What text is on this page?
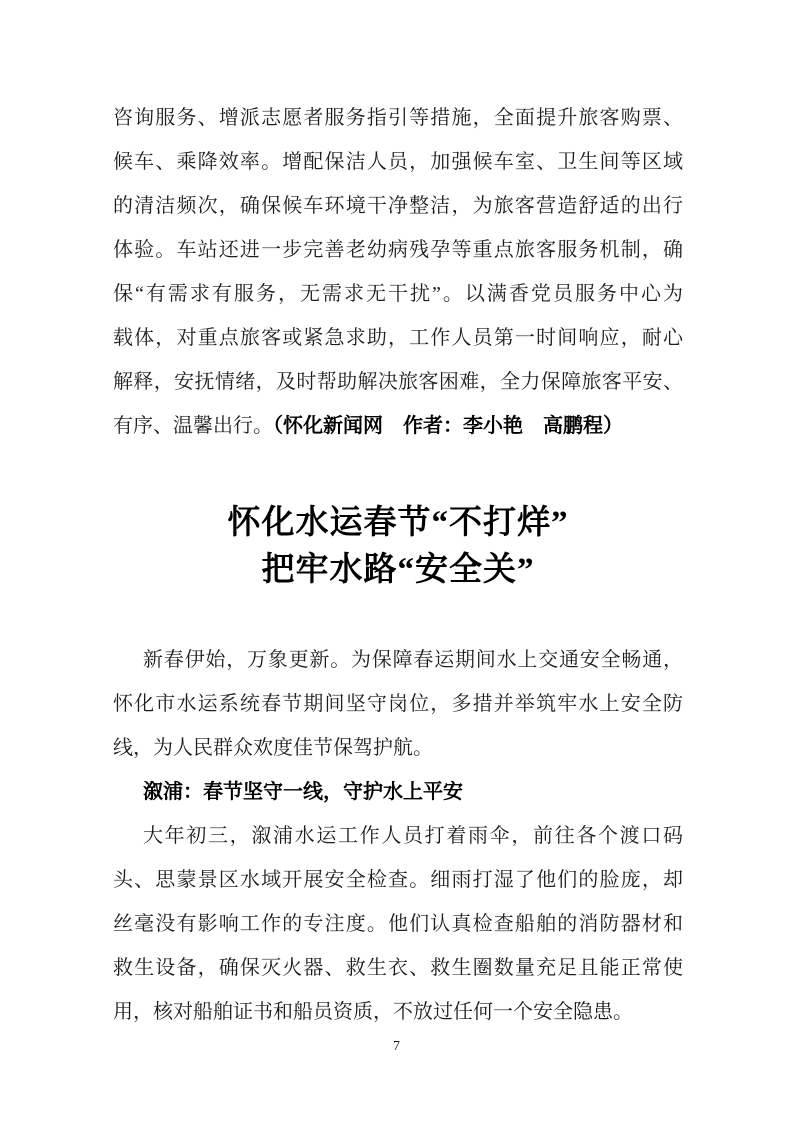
咨询服务、增派志愿者服务指引等措施，全面提升旅客购票、
候车、乘降效率。增配保洁人员，加强候车室、卫生间等区域
的清洁频次，确保候车环境干净整洁，为旅客营造舒适的出行
体验。车站还进一步完善老幼病残孕等重点旅客服务机制，确
保“有需求有服务，无需求无干扰”。以满香党员服务中心为
载体，对重点旅客或紧急求助，工作人员第一时间响应，耐心
解释，安抚情绪，及时帮助解决旅客困难，全力保障旅客平安、
有序、温馨出行。（怀化新闻网　作者：李小艳　高鹏程）
怀化水运春节“不打烊”
把牢水路“安全关”
新春伊始，万象更新。为保障春运期间水上交通安全畅通，
怀化市水运系统春节期间坚守岗位，多措并举筑牢水上安全防
线，为人民群众欢度佳节保驾护航。
溆浦：春节坚守一线，守护水上平安
大年初三，溆浦水运工作人员打着雨伞，前往各个渡口码
头、思蒙景区水域开展安全检查。细雨打湿了他们的脸庞，却
丝毫没有影响工作的专注度。他们认真检查船舶的消防器材和
救生设备，确保灭火器、救生衣、救生圈数量充足且能正常使
用，核对船舶证书和船员资质，不放过任何一个安全隐患。
7
